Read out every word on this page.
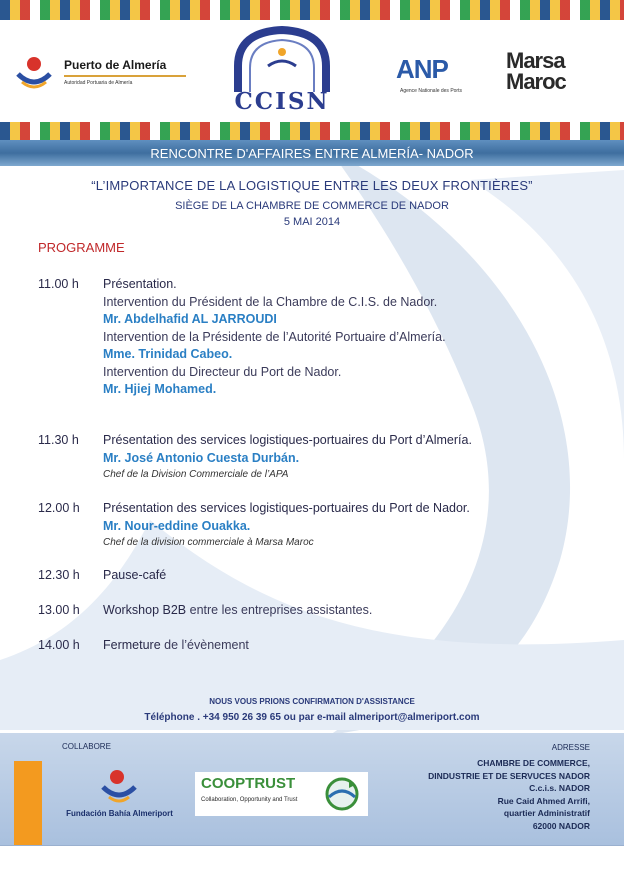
Puerto de Almería
Autoridad Portuaria de Almería
CCISN
ANP
Agence Nationale des Ports
Marsa
Maroc
RENCONTRE D'AFFAIRES ENTRE ALMERÍA- NADOR
“L’IMPORTANCE DE LA LOGISTIQUE ENTRE LES DEUX FRONTIÈRES”
SIÈGE DE LA CHAMBRE DE COMMERCE DE NADOR
5 MAI 2014
PROGRAMME
11.00 h	Présentation.
Intervention du Président de la Chambre de C.I.S. de Nador.
Mr. Abdelhafid AL JARROUDI
Intervention de la Présidente de l’Autorité Portuaire d’Almería.
Mme. Trinidad Cabeo.
Intervention du Directeur du Port de Nador.
Mr. Hjiej Mohamed.
11.30 h	Présentation des services logistiques-portuaires du Port d’Almería.
Mr. José Antonio Cuesta Durbán.
Chef de la Division Commerciale de l’APA
12.00 h	Présentation des services logistiques-portuaires du Port de Nador.
Mr. Nour-eddine Ouakka.
Chef de la division commerciale à Marsa Maroc
12.30 h	Pause-café
13.00 h	Workshop B2B entre les entreprises assistantes.
14.00 h	Fermeture de l’évènement
NOUS VOUS PRIONS CONFIRMATION D'ASSISTANCE
Téléphone . +34 950 26 39 65 ou par e-mail almeriport@almeriport.com
COLLABORE
Fundación Bahía Almeriport
COOPTRUST
Collaboration, Opportunity and Trust
ADRESSE
CHAMBRE DE COMMERCE,
DINDUSTRIE ET DE SERVUCES NADOR
C.c.i.s. NADOR
Rue Caid Ahmed Arrifi,
quartier Administratif
62000 NADOR
